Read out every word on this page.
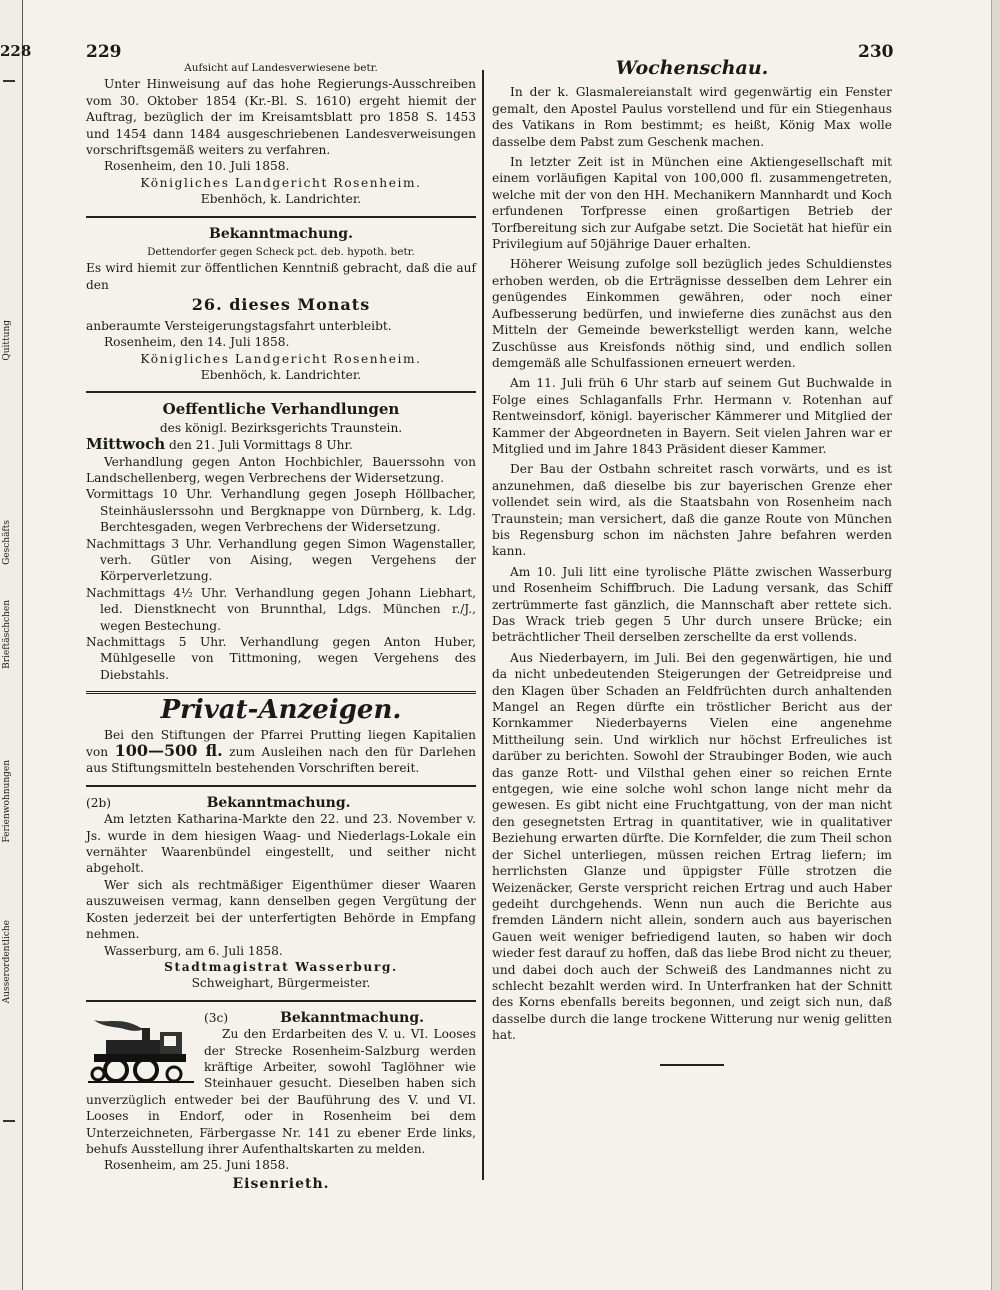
228
Quittung
Geschäfts
Brieftäschchen
Ferienwohnungen
Ausserordentliche
229	230

Aufsicht auf Landesverwiesene betr.

Unter Hinweisung auf das hohe Regierungs-Ausschreiben vom 30. Oktober 1854 (Kr.-Bl. S. 1610) ergeht hiemit der Auftrag, bezüglich der im Kreisamtsblatt pro 1858 S. 1453 und 1454 dann 1484 ausgeschriebenen Landesverweisungen vorschriftsgemäß weiters zu verfahren.

Rosenheim, den 10. Juli 1858.

Königliches Landgericht Rosenheim.

Ebenhöch, k. Landrichter.

Bekanntmachung.

Dettendorfer gegen Scheck pct. deb. hypoth. betr.

Es wird hiemit zur öffentlichen Kenntniß gebracht, daß die auf den

26. dieses Monats

anberaumte Versteigerungstagsfahrt unterbleibt.

Rosenheim, den 14. Juli 1858.

Königliches Landgericht Rosenheim.

Ebenhöch, k. Landrichter.

Oeffentliche Verhandlungen

des königl. Bezirksgerichts Traunstein.

Mittwoch den 21. Juli Vormittags 8 Uhr.

Verhandlung gegen Anton Hochbichler, Bauerssohn von Landschellenberg, wegen Verbrechens der Widersetzung.

Vormittags 10 Uhr. Verhandlung gegen Joseph Höllbacher, Steinhäuslerssohn und Bergknappe von Dürnberg, k. Ldg. Berchtesgaden, wegen Verbrechens der Widersetzung.

Nachmittags 3 Uhr. Verhandlung gegen Simon Wagenstaller, verh. Gütler von Aising, wegen Vergehens der Körperverletzung.

Nachmittags 4½ Uhr. Verhandlung gegen Johann Liebhart, led. Dienstknecht von Brunnthal, Ldgs. München r./J., wegen Bestechung.

Nachmittags 5 Uhr. Verhandlung gegen Anton Huber, Mühlgeselle von Tittmoning, wegen Vergehens des Diebstahls.

Privat-Anzeigen.

Bei den Stiftungen der Pfarrei Prutting liegen Kapitalien von 100—500 fl. zum Ausleihen nach den für Darlehen aus Stiftungsmitteln bestehenden Vorschriften bereit.

(2b)	Bekanntmachung.

Am letzten Katharina-Markte den 22. und 23. November v. Js. wurde in dem hiesigen Waag- und Niederlags-Lokale ein vernähter Waarenbündel eingestellt, und seither nicht abgeholt.

Wer sich als rechtmäßiger Eigenthümer dieser Waaren auszuweisen vermag, kann denselben gegen Vergütung der Kosten jederzeit bei der unterfertigten Behörde in Empfang nehmen.

Wasserburg, am 6. Juli 1858.

Stadtmagistrat Wasserburg.

Schweighart, Bürgermeister.

(3c)	Bekanntmachung.

Zu den Erdarbeiten des V. u. VI. Looses der Strecke Rosenheim-Salzburg werden kräftige Arbeiter, sowohl Taglöhner wie Steinhauer gesucht. Dieselben haben sich unverzüglich entweder bei der Bauführung des V. und VI. Looses in Endorf, oder in Rosenheim bei dem Unterzeichneten, Färbergasse Nr. 141 zu ebener Erde links, behufs Ausstellung ihrer Aufenthaltskarten zu melden.

Rosenheim, am 25. Juni 1858.

Eisenrieth.

Wochenschau.

In der k. Glasmalereianstalt wird gegenwärtig ein Fenster gemalt, den Apostel Paulus vorstellend und für ein Stiegenhaus des Vatikans in Rom bestimmt; es heißt, König Max wolle dasselbe dem Pabst zum Geschenk machen.

In letzter Zeit ist in München eine Aktiengesellschaft mit einem vorläufigen Kapital von 100,000 fl. zusammengetreten, welche mit der von den HH. Mechanikern Mannhardt und Koch erfundenen Torfpresse einen großartigen Betrieb der Torfbereitung sich zur Aufgabe setzt. Die Societät hat hiefür ein Privilegium auf 50jährige Dauer erhalten.

Höherer Weisung zufolge soll bezüglich jedes Schuldienstes erhoben werden, ob die Erträgnisse desselben dem Lehrer ein genügendes Einkommen gewähren, oder noch einer Aufbesserung bedürfen, und inwieferne dies zunächst aus den Mitteln der Gemeinde bewerkstelligt werden kann, welche Zuschüsse aus Kreisfonds nöthig sind, und endlich sollen demgemäß alle Schulfassionen erneuert werden.

Am 11. Juli früh 6 Uhr starb auf seinem Gut Buchwalde in Folge eines Schlaganfalls Frhr. Hermann v. Rotenhan auf Rentweinsdorf, königl. bayerischer Kämmerer und Mitglied der Kammer der Abgeordneten in Bayern. Seit vielen Jahren war er Mitglied und im Jahre 1843 Präsident dieser Kammer.

Der Bau der Ostbahn schreitet rasch vorwärts, und es ist anzunehmen, daß dieselbe bis zur bayerischen Grenze eher vollendet sein wird, als die Staatsbahn von Rosenheim nach Traunstein; man versichert, daß die ganze Route von München bis Regensburg schon im nächsten Jahre befahren werden kann.

Am 10. Juli litt eine tyrolische Plätte zwischen Wasserburg und Rosenheim Schiffbruch. Die Ladung versank, das Schiff zertrümmerte fast gänzlich, die Mannschaft aber rettete sich. Das Wrack trieb gegen 5 Uhr durch unsere Brücke; ein beträchtlicher Theil derselben zerschellte da erst vollends.

Aus Niederbayern, im Juli. Bei den gegenwärtigen, hie und da nicht unbedeutenden Steigerungen der Getreidpreise und den Klagen über Schaden an Feldfrüchten durch anhaltenden Mangel an Regen dürfte ein tröstlicher Bericht aus der Kornkammer Niederbayerns Vielen eine angenehme Mittheilung sein. Und wirklich nur höchst Erfreuliches ist darüber zu berichten. Sowohl der Straubinger Boden, wie auch das ganze Rott- und Vilsthal gehen einer so reichen Ernte entgegen, wie eine solche wohl schon lange nicht mehr da gewesen. Es gibt nicht eine Fruchtgattung, von der man nicht den gesegnetsten Ertrag in quantitativer, wie in qualitativer Beziehung erwarten dürfte. Die Kornfelder, die zum Theil schon der Sichel unterliegen, müssen reichen Ertrag liefern; im herrlichsten Glanze und üppigster Fülle strotzen die Weizenäcker, Gerste verspricht reichen Ertrag und auch Haber gedeiht durchgehends. Wenn nun auch die Berichte aus fremden Ländern nicht allein, sondern auch aus bayerischen Gauen weit weniger befriedigend lauten, so haben wir doch wieder fest darauf zu hoffen, daß das liebe Brod nicht zu theuer, und dabei doch auch der Schweiß des Landmannes nicht zu schlecht bezahlt werden wird. In Unterfranken hat der Schnitt des Korns ebenfalls bereits begonnen, und zeigt sich nun, daß dasselbe durch die lange trockene Witterung nur wenig gelitten hat.
